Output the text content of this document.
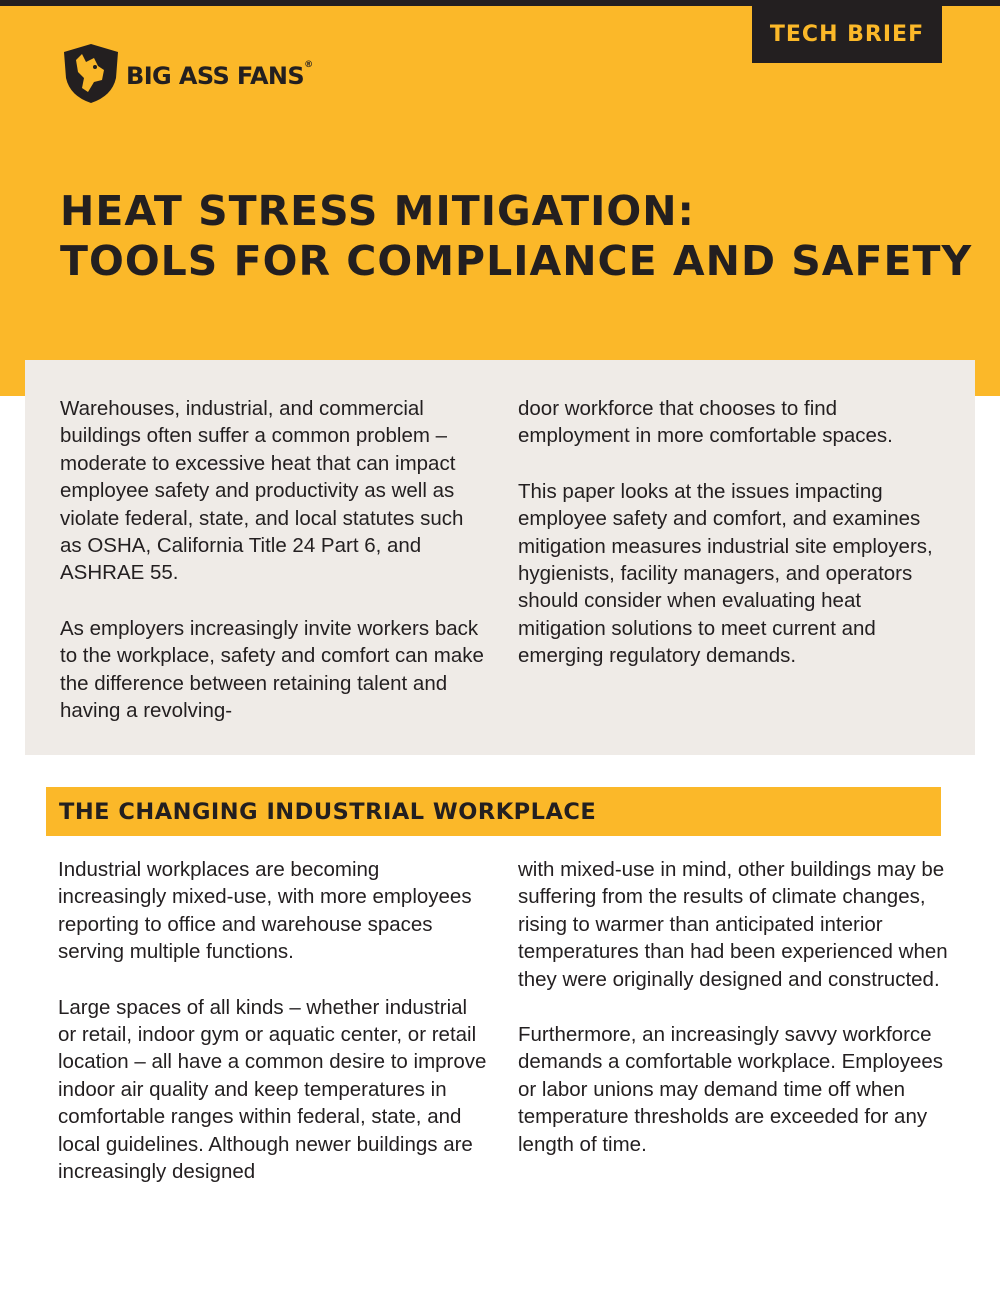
TECH BRIEF
BIG ASS FANS®
HEAT STRESS MITIGATION:
TOOLS FOR COMPLIANCE AND SAFETY

Warehouses, industrial, and commercial buildings often suffer a common problem – moderate to excessive heat that can impact employee safety and productivity as well as violate federal, state, and local statutes such as OSHA, California Title 24 Part 6, and ASHRAE 55.

As employers increasingly invite workers back to the workplace, safety and comfort can make the difference between retaining talent and having a revolving-

door workforce that chooses to find employment in more comfortable spaces.

This paper looks at the issues impacting employee safety and comfort, and examines mitigation measures industrial site employers, hygienists, facility managers, and operators should consider when evaluating heat mitigation solutions to meet current and emerging regulatory demands.

THE CHANGING INDUSTRIAL WORKPLACE

Industrial workplaces are becoming increasingly mixed-use, with more employees reporting to office and warehouse spaces serving multiple functions.

Large spaces of all kinds – whether industrial or retail, indoor gym or aquatic center, or retail location – all have a common desire to improve indoor air quality and keep temperatures in comfortable ranges within federal, state, and local guidelines. Although newer buildings are increasingly designed

with mixed-use in mind, other buildings may be suffering from the results of climate changes, rising to warmer than anticipated interior temperatures than had been experienced when they were originally designed and constructed.

Furthermore, an increasingly savvy workforce demands a comfortable workplace. Employees or labor unions may demand time off when temperature thresholds are exceeded for any length of time.
